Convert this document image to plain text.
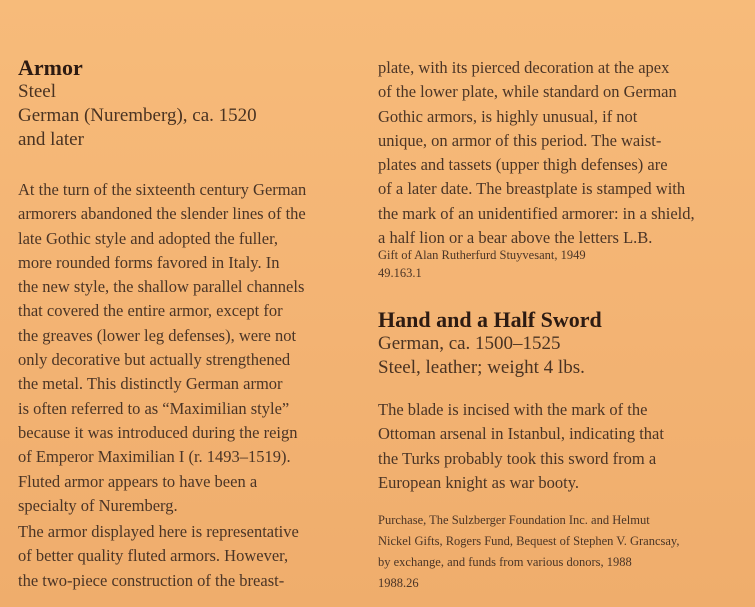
Armor
Steel
German (Nuremberg), ca. 1520
and later
At the turn of the sixteenth century German
armorers abandoned the slender lines of the
late Gothic style and adopted the fuller,
more rounded forms favored in Italy. In
the new style, the shallow parallel channels
that covered the entire armor, except for
the greaves (lower leg defenses), were not
only decorative but actually strengthened
the metal. This distinctly German armor
is often referred to as “Maximilian style”
because it was introduced during the reign
of Emperor Maximilian I (r. 1493–1519).
Fluted armor appears to have been a
specialty of Nuremberg.
The armor displayed here is representative
of better quality fluted armors. However,
the two-piece construction of the breast-
plate, with its pierced decoration at the apex
of the lower plate, while standard on German
Gothic armors, is highly unusual, if not
unique, on armor of this period. The waist-
plates and tassets (upper thigh defenses) are
of a later date. The breastplate is stamped with
the mark of an unidentified armorer: in a shield,
a half lion or a bear above the letters L.B.
Gift of Alan Rutherfurd Stuyvesant, 1949
49.163.1
Hand and a Half Sword
German, ca. 1500–1525
Steel, leather; weight 4 lbs.
The blade is incised with the mark of the
Ottoman arsenal in Istanbul, indicating that
the Turks probably took this sword from a
European knight as war booty.
Purchase, The Sulzberger Foundation Inc. and Helmut
Nickel Gifts, Rogers Fund, Bequest of Stephen V. Grancsay,
by exchange, and funds from various donors, 1988
1988.26
